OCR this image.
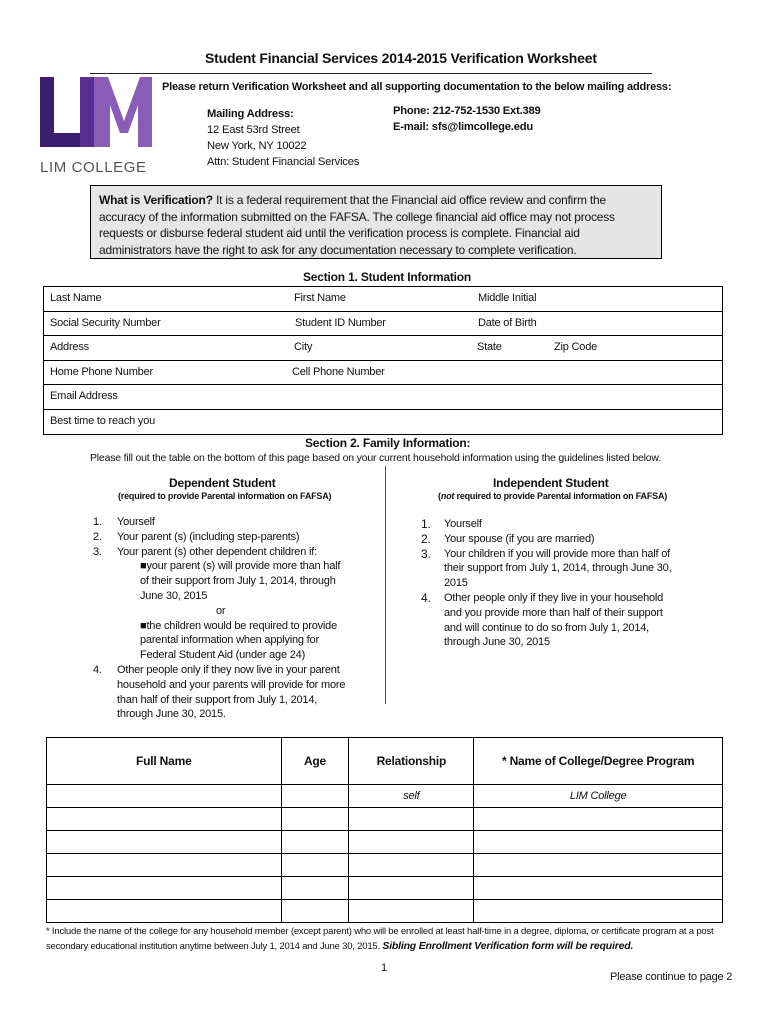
Student Financial Services 2014-2015 Verification Worksheet
Please return Verification Worksheet and all supporting documentation to the below mailing address:
LIM COLLEGE
Mailing Address:
12 East 53rd Street
New York, NY 10022
Attn: Student Financial Services
Phone: 212-752-1530 Ext.389
E-mail: sfs@limcollege.edu
What is Verification? It is a federal requirement that the Financial aid office review and confirm the accuracy of the information submitted on the FAFSA. The college financial aid office may not process requests or disburse federal student aid until the verification process is complete. Financial aid administrators have the right to ask for any documentation necessary to complete verification.
Section 1. Student Information
Last Name	First Name	Middle Initial
Social Security Number	Student ID Number	Date of Birth
Address	City	State	Zip Code
Home Phone Number	Cell Phone Number
Email Address
Best time to reach you
Section 2. Family Information:
Please fill out the table on the bottom of this page based on your current household information using the guidelines listed below.
Dependent Student
(required to provide Parental information on FAFSA)
1. Yourself
2. Your parent (s) (including step-parents)
3. Your parent (s) other dependent children if:
■your parent (s) will provide more than half
of their support from July 1, 2014, through
June 30, 2015
or
■the children would be required to provide
parental information when applying for
Federal Student Aid (under age 24)
4. Other people only if they now live in your parent
household and your parents will provide for more
than half of their support from July 1, 2014,
through June 30, 2015.
Independent Student
(not required to provide Parental information on FAFSA)
1. Yourself
2. Your spouse (if you are married)
3. Your children if you will provide more than half of
their support from July 1, 2014, through June 30,
2015
4. Other people only if they live in your household
and you provide more than half of their support
and will continue to do so from July 1, 2014,
through June 30, 2015
Full Name	Age	Relationship	* Name of College/Degree Program
		self	LIM College

* Include the name of the college for any household member (except parent) who will be enrolled at least half-time in a degree, diploma, or certificate program at a post secondary educational institution anytime between July 1, 2014 and June 30, 2015. Sibling Enrollment Verification form will be required.
1
Please continue to page 2
